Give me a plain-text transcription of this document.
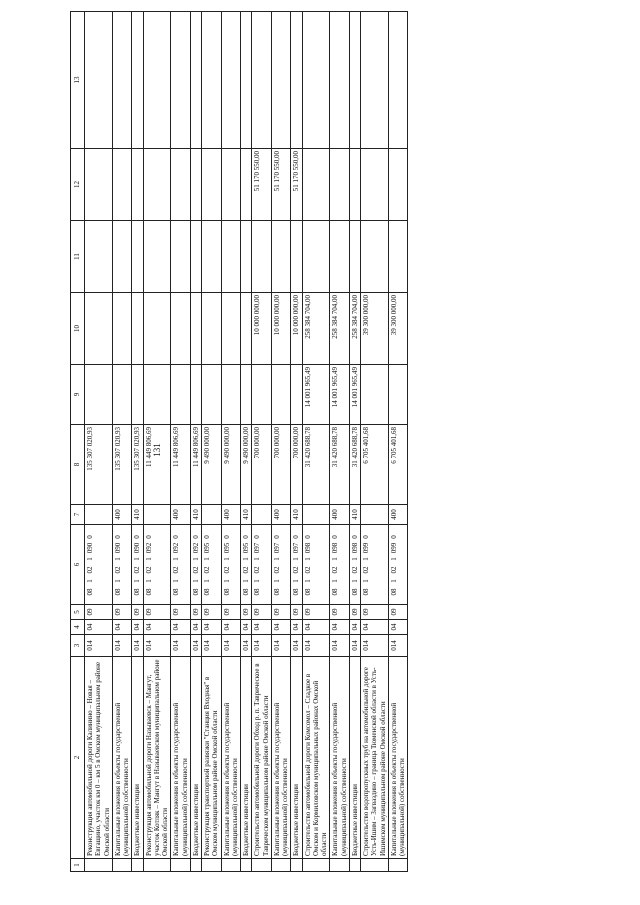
131
1	2	3	4	5	6	7	8	9	10	11	12	13
	Реконструкция автомобильной дороги Калинино – Новая – Евгащино, участок км 0 – км 5 в Омском муниципальном районе Омской области	014	04	09	0810210900		135 307 020,93					
	Капитальные вложения в объекты государственной (муниципальной) собственности	014	04	09	0810210900	400	135 307 020,93					
	Бюджетные инвестиции	014	04	09	0810210900	410	135 307 020,93					
	Реконструкция автомобильной дороги Называевск – Мангут, участок Котляк – Мангут в Называевском муниципальном районе Омской области	014	04	09	0810210920		11 449 806,69					
	Капитальные вложения в объекты государственной (муниципальной) собственности	014	04	09	0810210920	400	11 449 806,69					
	Бюджетные инвестиции	014	04	09	0810210920	410	11 449 806,69					
	Реконструкция транспортной развязки "Станция Входная" в Омском муниципальном районе Омской области	014	04	09	0810210950		9 490 000,00					
	Капитальные вложения в объекты государственной (муниципальной) собственности	014	04	09	0810210950	400	9 490 000,00					
	Бюджетные инвестиции	014	04	09	0810210950	410	9 490 000,00					
	Строительство автомобильной дороги Обход р. п. Таврическое в Таврическом муниципальном районе Омской области	014	04	09	0810210970		700 000,00		10 000 000,00		51 170 550,00	
	Капитальные вложения в объекты государственной (муниципальной) собственности	014	04	09	0810210970	400	700 000,00		10 000 000,00		51 170 550,00	
	Бюджетные инвестиции	014	04	09	0810210970	410	700 000,00		10 000 000,00		51 170 550,00	
	Строительство автомобильной дороги Комсомол – Сладкое в Омском и Кормиловском муниципальных районах Омской области	014	04	09	0810210980		31 420 688,78	14 001 965,49	258 384 704,00			
	Капитальные вложения в объекты государственной (муниципальной) собственности	014	04	09	0810210980	400	31 420 688,78	14 001 965,49	258 384 704,00			
	Бюджетные инвестиции	014	04	09	0810210980	410	31 420 688,78	14 001 965,49	258 384 704,00			
	Строительство водопропускных труб на автомобильной дороге Усть-Ишим – Загваздино – граница Тюменской области в Усть-Ишимском муниципальном районе Омской области	014	04	09	0810210990		6 705 401,68		39 300 000,00			
	Капитальные вложения в объекты государственной (муниципальной) собственности	014	04	09	0810210990	400	6 705 401,68		39 300 000,00			
